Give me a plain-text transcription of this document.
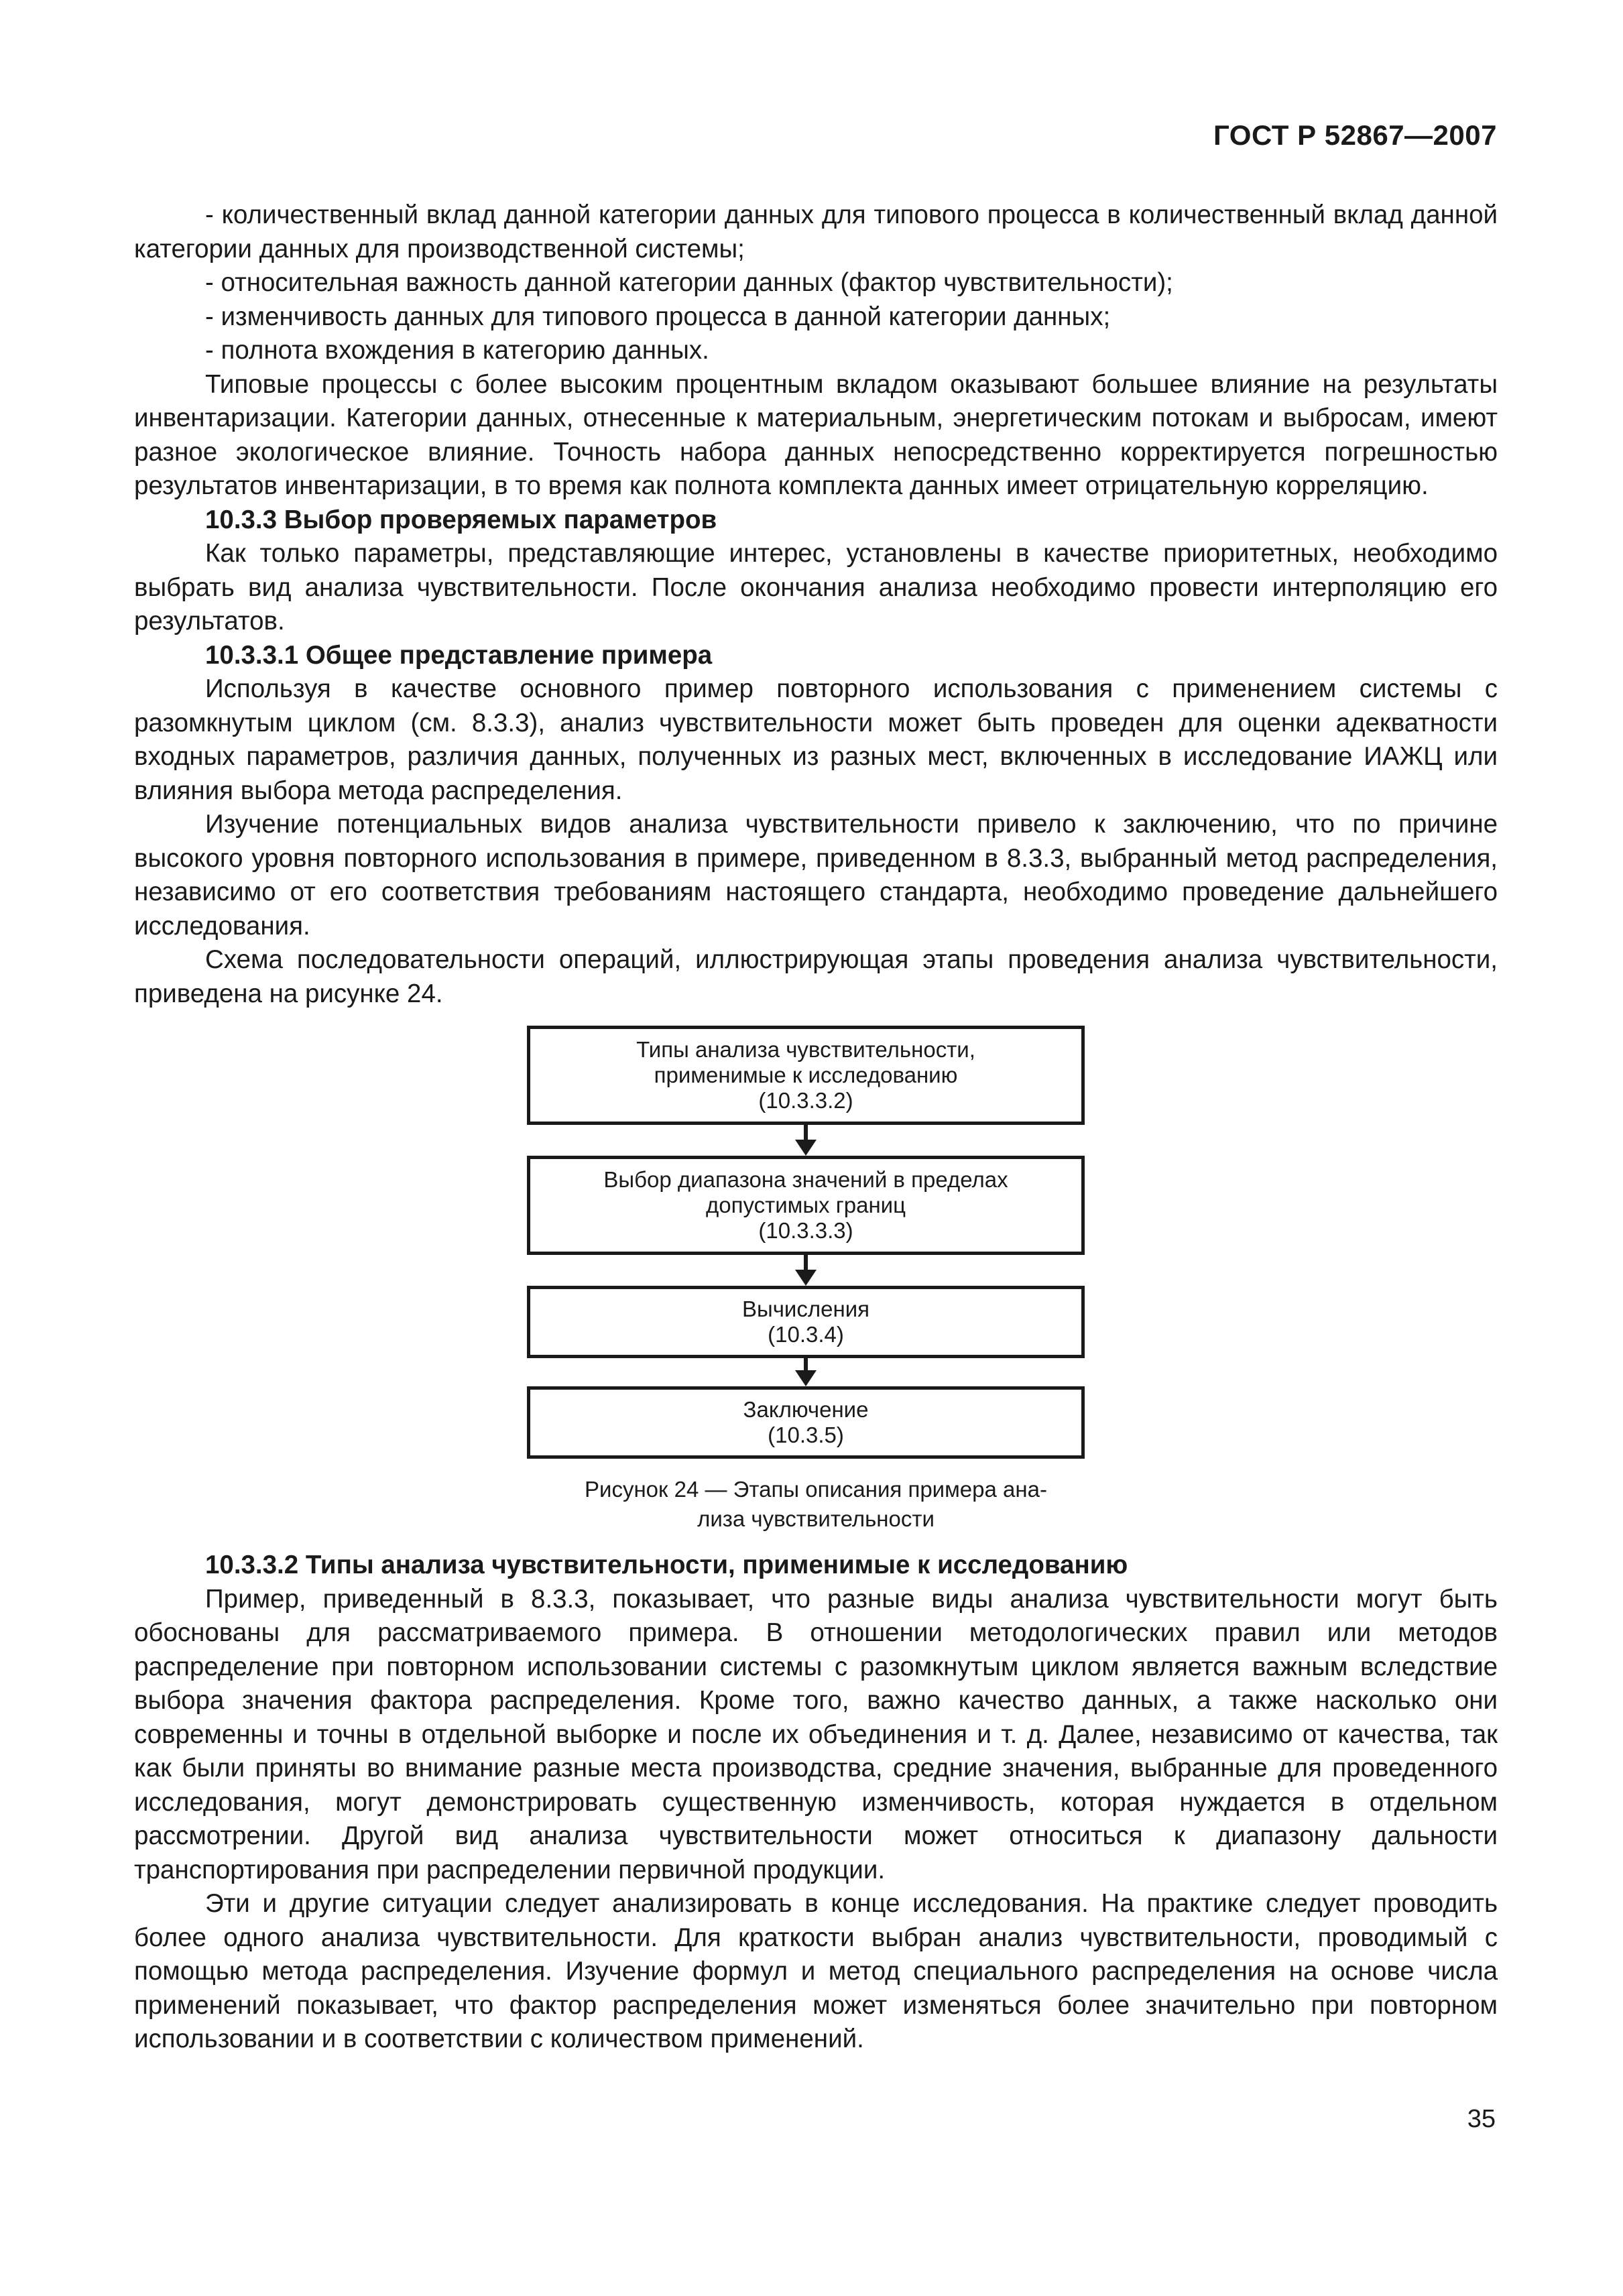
ГОСТ Р 52867—2007

- количественный вклад данной категории данных для типового процесса в количественный вклад данной категории данных для производственной системы;

- относительная важность данной категории данных (фактор чувствительности);

- изменчивость данных для типового процесса в данной категории данных;

- полнота вхождения в категорию данных.

Типовые процессы с более высоким процентным вкладом оказывают большее влияние на результаты инвентаризации. Категории данных, отнесенные к материальным, энергетическим потокам и выбросам, имеют разное экологическое влияние. Точность набора данных непосредственно корректируется погрешностью результатов инвентаризации, в то время как полнота комплекта данных имеет отрицательную корреляцию.

10.3.3 Выбор проверяемых параметров

Как только параметры, представляющие интерес, установлены в качестве приоритетных, необходимо выбрать вид анализа чувствительности. После окончания анализа необходимо провести интерполяцию его результатов.

10.3.3.1 Общее представление примера

Используя в качестве основного пример повторного использования с применением системы с разомкнутым циклом (см. 8.3.3), анализ чувствительности может быть проведен для оценки адекватности входных параметров, различия данных, полученных из разных мест, включенных в исследование ИАЖЦ или влияния выбора метода распределения.

Изучение потенциальных видов анализа чувствительности привело к заключению, что по причине высокого уровня повторного использования в примере, приведенном в 8.3.3, выбранный метод распределения, независимо от его соответствия требованиям настоящего стандарта, необходимо проведение дальнейшего исследования.

Схема последовательности операций, иллюстрирующая этапы проведения анализа чувствительности, приведена на рисунке 24.

Типы анализа чувствительности,
применимые к исследованию
(10.3.3.2)
Выбор диапазона значений в пределах
допустимых границ
(10.3.3.3)
Вычисления
(10.3.4)
Заключение
(10.3.5)
Рисунок 24 — Этапы описания примера ана-
лиза чувствительности
10.3.3.2 Типы анализа чувствительности, применимые к исследованию

Пример, приведенный в 8.3.3, показывает, что разные виды анализа чувствительности могут быть обоснованы для рассматриваемого примера. В отношении методологических правил или методов распределение при повторном использовании системы с разомкнутым циклом является важным вследствие выбора значения фактора распределения. Кроме того, важно качество данных, а также насколько они современны и точны в отдельной выборке и после их объединения и т. д. Далее, независимо от качества, так как были приняты во внимание разные места производства, средние значения, выбранные для проведенного исследования, могут демонстрировать существенную изменчивость, которая нуждается в отдельном рассмотрении. Другой вид анализа чувствительности может относиться к диапазону дальности транспортирования при распределении первичной продукции.

Эти и другие ситуации следует анализировать в конце исследования. На практике следует проводить более одного анализа чувствительности. Для краткости выбран анализ чувствительности, проводимый с помощью метода распределения. Изучение формул и метод специального распределения на основе числа применений показывает, что фактор распределения может изменяться более значительно при повторном использовании и в соответствии с количеством применений.

35
